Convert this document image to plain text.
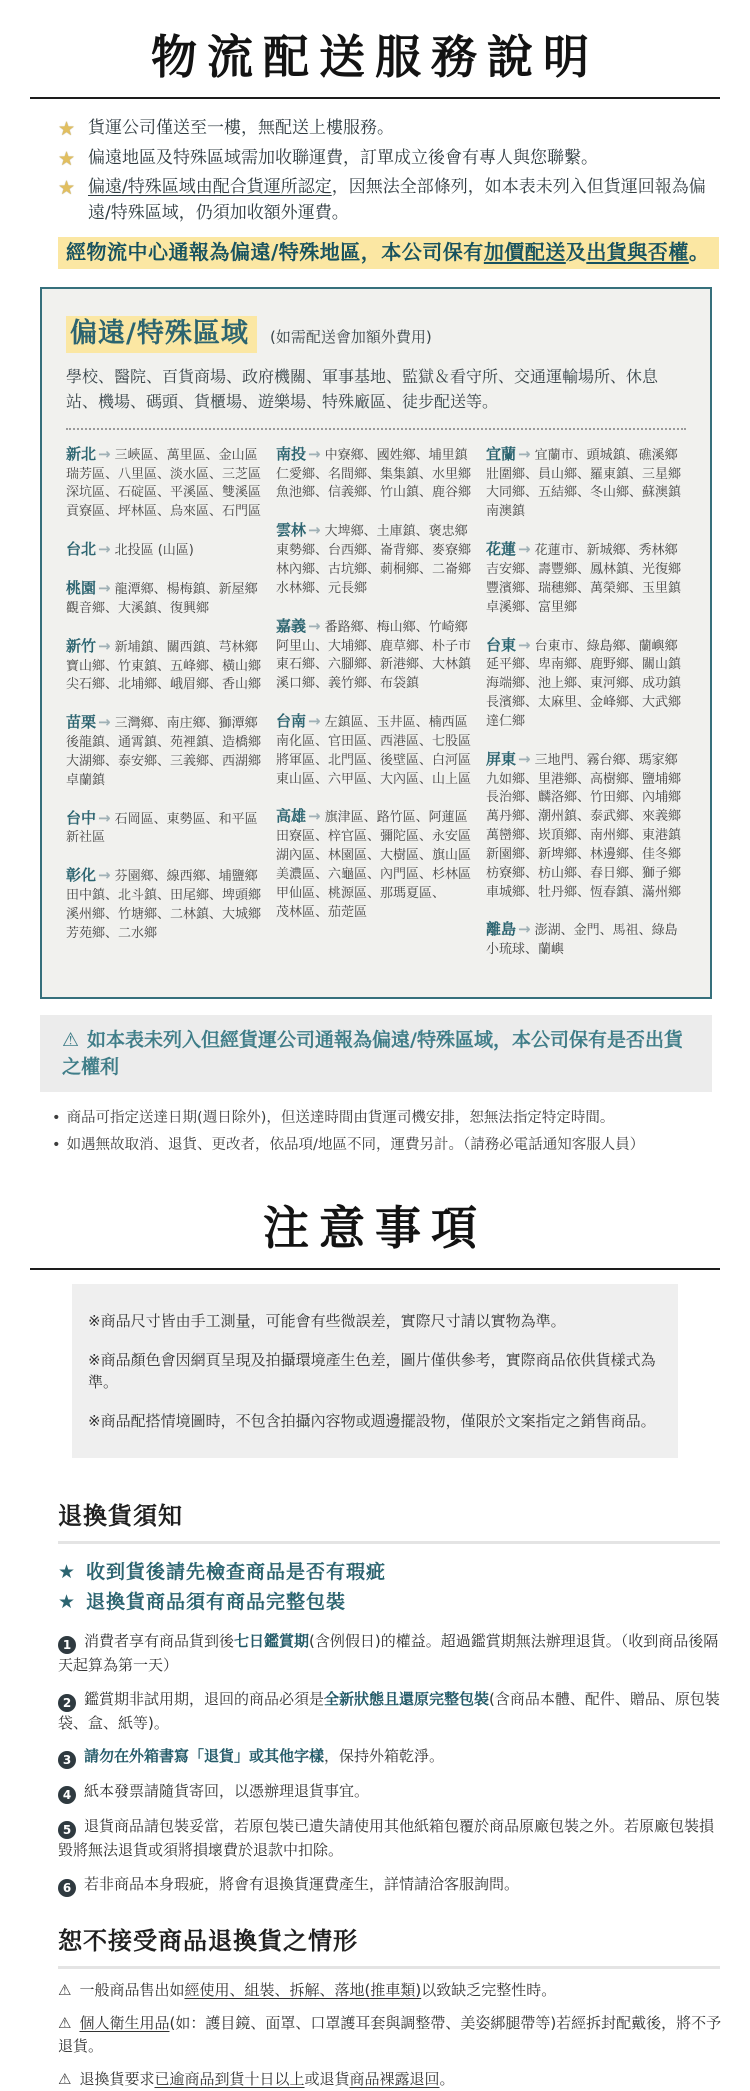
物流配送服務說明
★ 貨運公司僅送至一樓，無配送上樓服務。
★ 偏遠地區及特殊區域需加收聯運費，訂單成立後會有專人與您聯繫。
★ 偏遠/特殊區域由配合貨運所認定，因無法全部條列，如本表未列入但貨運回報為偏遠/特殊區域，仍須加收額外運費。
經物流中心通報為偏遠/特殊地區，本公司保有加價配送及出貨與否權。
偏遠/特殊區域 (如需配送會加額外費用)

學校、醫院、百貨商場、政府機關、軍事基地、監獄＆看守所、交通運輸場所、休息站、機場、碼頭、貨櫃場、遊樂場、特殊廠區、徒步配送等。

新北 → 三峽區、萬里區、金山區
瑞芳區、八里區、淡水區、三芝區
深坑區、石碇區、平溪區、雙溪區
貢寮區、坪林區、烏來區、石門區
台北 → 北投區 (山區)
桃園 → 龍潭鄉、楊梅鎮、新屋鄉
觀音鄉、大溪鎮、復興鄉
新竹 → 新埔鎮、關西鎮、芎林鄉
寶山鄉、竹東鎮、五峰鄉、橫山鄉
尖石鄉、北埔鄉、峨眉鄉、香山鄉
苗栗 → 三灣鄉、南庄鄉、獅潭鄉
後龍鎮、通霄鎮、苑裡鎮、造橋鄉
大湖鄉、泰安鄉、三義鄉、西湖鄉
卓蘭鎮
台中 → 石岡區、東勢區、和平區
新社區
彰化 → 芬園鄉、線西鄉、埔鹽鄉
田中鎮、北斗鎮、田尾鄉、埤頭鄉
溪州鄉、竹塘鄉、二林鎮、大城鄉
芳苑鄉、二水鄉
南投 → 中寮鄉、國姓鄉、埔里鎮
仁愛鄉、名間鄉、集集鎮、水里鄉
魚池鄉、信義鄉、竹山鎮、鹿谷鄉
雲林 → 大埤鄉、土庫鎮、褒忠鄉
東勢鄉、台西鄉、崙背鄉、麥寮鄉
林內鄉、古坑鄉、莿桐鄉、二崙鄉
水林鄉、元長鄉
嘉義 → 番路鄉、梅山鄉、竹崎鄉
阿里山、大埔鄉、鹿草鄉、朴子市
東石鄉、六腳鄉、新港鄉、大林鎮
溪口鄉、義竹鄉、布袋鎮
台南 → 左鎮區、玉井區、楠西區
南化區、官田區、西港區、七股區
將軍區、北門區、後壁區、白河區
東山區、六甲區、大內區、山上區
高雄 → 旗津區、路竹區、阿蓮區
田寮區、梓官區、彌陀區、永安區
湖內區、林園區、大樹區、旗山區
美濃區、六龜區、內門區、杉林區
甲仙區、桃源區、那瑪夏區、
茂林區、茄萣區
宜蘭 → 宜蘭市、頭城鎮、礁溪鄉
壯圍鄉、員山鄉、羅東鎮、三星鄉
大同鄉、五結鄉、冬山鄉、蘇澳鎮
南澳鎮
花蓮 → 花蓮市、新城鄉、秀林鄉
吉安鄉、壽豐鄉、鳳林鎮、光復鄉
豐濱鄉、瑞穗鄉、萬榮鄉、玉里鎮
卓溪鄉、富里鄉
台東 → 台東市、綠島鄉、蘭嶼鄉
延平鄉、卑南鄉、鹿野鄉、關山鎮
海端鄉、池上鄉、東河鄉、成功鎮
長濱鄉、太麻里、金峰鄉、大武鄉
達仁鄉
屏東 → 三地門、霧台鄉、瑪家鄉
九如鄉、里港鄉、高樹鄉、鹽埔鄉
長治鄉、麟洛鄉、竹田鄉、內埔鄉
萬丹鄉、潮州鎮、泰武鄉、來義鄉
萬巒鄉、崁頂鄉、南州鄉、東港鎮
新園鄉、新埤鄉、林邊鄉、佳冬鄉
枋寮鄉、枋山鄉、春日鄉、獅子鄉
車城鄉、牡丹鄉、恆春鎮、滿州鄉
離島 → 澎湖、金門、馬祖、綠島
小琉球、蘭嶼
⚠ 如本表未列入但經貨運公司通報為偏遠/特殊區域，本公司保有是否出貨之權利
• 商品可指定送達日期(週日除外)，但送達時間由貨運司機安排，恕無法指定特定時間。
• 如遇無故取消、退貨、更改者，依品項/地區不同，運費另計。（請務必電話通知客服人員）
注意事項

※商品尺寸皆由手工測量，可能會有些微誤差，實際尺寸請以實物為準。

※商品顏色會因網頁呈現及拍攝環境產生色差，圖片僅供參考，實際商品依供貨樣式為準。

※商品配搭情境圖時，不包含拍攝內容物或週邊擺設物，僅限於文案指定之銷售商品。

退換貨須知
★ 收到貨後請先檢查商品是否有瑕疵
★ 退換貨商品須有商品完整包裝

1 消費者享有商品貨到後七日鑑賞期(含例假日)的權益。超過鑑賞期無法辦理退貨。（收到商品後隔天起算為第一天）

2 鑑賞期非試用期，退回的商品必須是全新狀態且還原完整包裝(含商品本體、配件、贈品、原包裝袋、盒、紙等)。

3 請勿在外箱書寫「退貨」或其他字樣，保持外箱乾淨。

4 紙本發票請隨貨寄回，以憑辦理退貨事宜。

5 退貨商品請包裝妥當，若原包裝已遺失請使用其他紙箱包覆於商品原廠包裝之外。若原廠包裝損毀將無法退貨或須將損壞費於退款中扣除。

6 若非商品本身瑕疵，將會有退換貨運費產生，詳情請洽客服詢問。

恕不接受商品退換貨之情形

⚠ 一般商品售出如經使用、組裝、拆解、落地(推車類)以致缺乏完整性時。

⚠ 個人衛生用品(如：護目鏡、面罩、口罩護耳套與調整帶、美姿綁腿帶等)若經拆封配戴後，將不予退貨。

⚠ 退換貨要求已逾商品到貨十日以上或退貨商品裸露退回。
